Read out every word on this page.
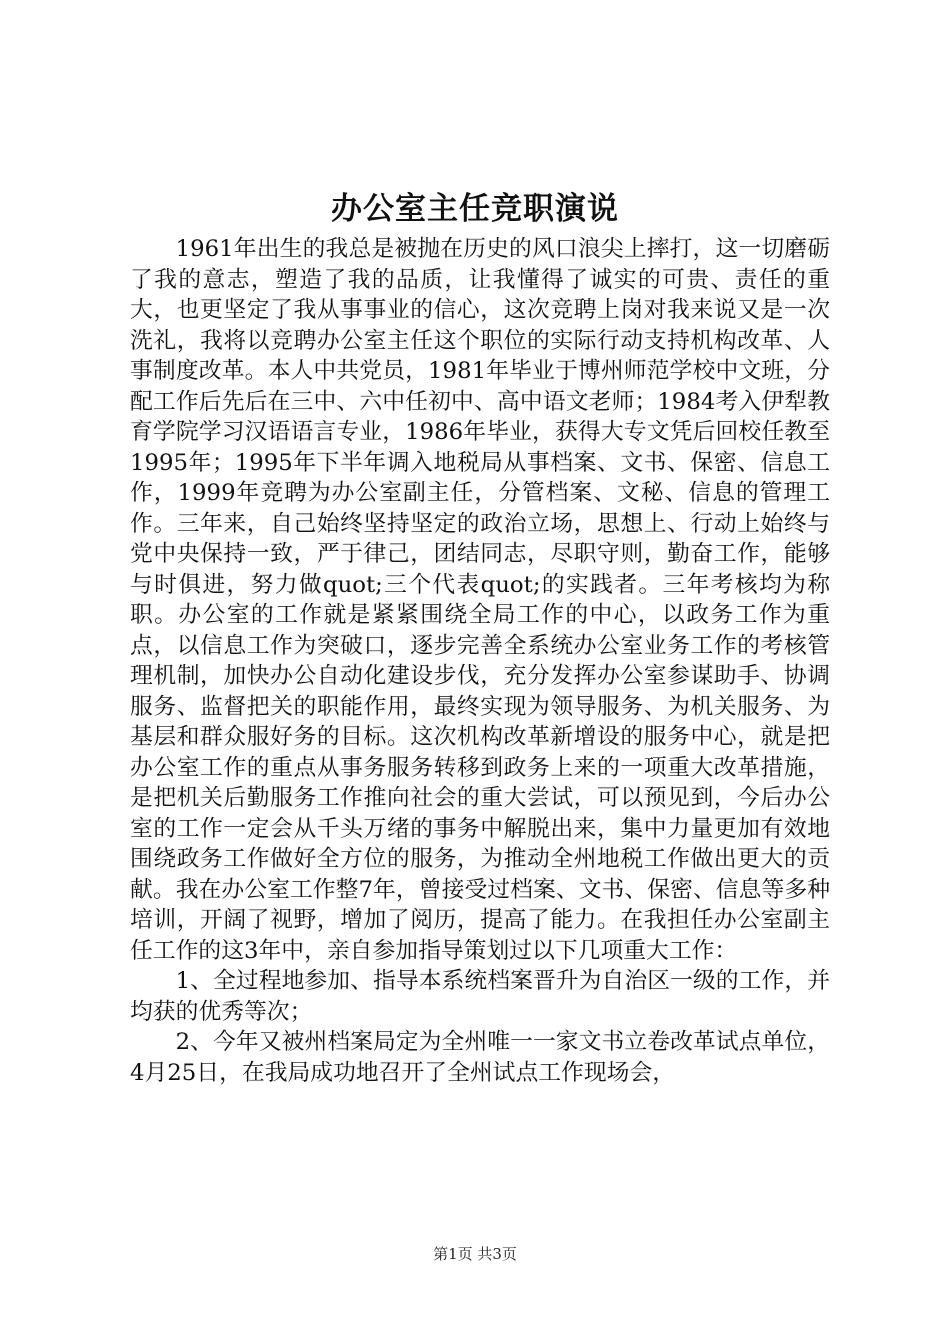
办公室主任竞职演说

1961年出生的我总是被抛在历史的风口浪尖上摔打，这一切磨砺了我的意志，塑造了我的品质，让我懂得了诚实的可贵、责任的重大，也更坚定了我从事事业的信心，这次竞聘上岗对我来说又是一次洗礼，我将以竞聘办公室主任这个职位的实际行动支持机构改革、人事制度改革。本人中共党员，1981年毕业于博州师范学校中文班，分配工作后先后在三中、六中任初中、高中语文老师；1984考入伊犁教育学院学习汉语语言专业，1986年毕业，获得大专文凭后回校任教至1995年；1995年下半年调入地税局从事档案、文书、保密、信息工作，1999年竞聘为办公室副主任，分管档案、文秘、信息的管理工作。三年来，自己始终坚持坚定的政治立场，思想上、行动上始终与党中央保持一致，严于律己，团结同志，尽职守则，勤奋工作，能够与时俱进，努力做quot;三个代表quot;的实践者。三年考核均为称职。办公室的工作就是紧紧围绕全局工作的中心，以政务工作为重点，以信息工作为突破口，逐步完善全系统办公室业务工作的考核管理机制，加快办公自动化建设步伐，充分发挥办公室参谋助手、协调服务、监督把关的职能作用，最终实现为领导服务、为机关服务、为基层和群众服好务的目标。这次机构改革新增设的服务中心，就是把办公室工作的重点从事务服务转移到政务上来的一项重大改革措施，是把机关后勤服务工作推向社会的重大尝试，可以预见到，今后办公室的工作一定会从千头万绪的事务中解脱出来，集中力量更加有效地围绕政务工作做好全方位的服务，为推动全州地税工作做出更大的贡献。我在办公室工作整7年，曾接受过档案、文书、保密、信息等多种培训，开阔了视野，增加了阅历，提高了能力。在我担任办公室副主任工作的这3年中，亲自参加指导策划过以下几项重大工作：

1、全过程地参加、指导本系统档案晋升为自治区一级的工作，并均获的优秀等次；

2、今年又被州档案局定为全州唯一一家文书立卷改革试点单位，4月25日，在我局成功地召开了全州试点工作现场会，

第1页 共3页
